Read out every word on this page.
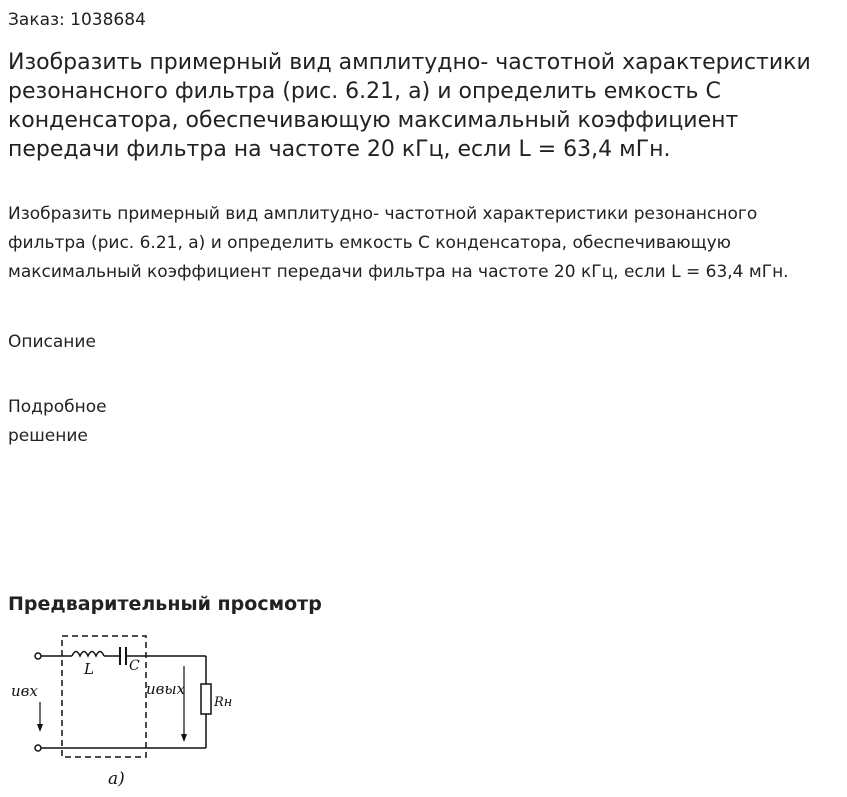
Заказ: 1038684
Изобразить примерный вид амплитудно- частотной характеристики резонансного фильтра (рис. 6.21, а) и определить емкость С конденсатора, обеспечивающую максимальный коэффициент передачи фильтра на частоте 20 кГц, если L = 63,4 мГн.

Изобразить примерный вид амплитудно- частотной характеристики резонансного фильтра (рис. 6.21, а) и определить емкость С конденсатора, обеспечивающую максимальный коэффициент передачи фильтра на частоте 20 кГц, если L = 63,4 мГн.

Описание
Подробное решение
Предварительный просмотр
uвх
L	C
uвых
Rн
а)
